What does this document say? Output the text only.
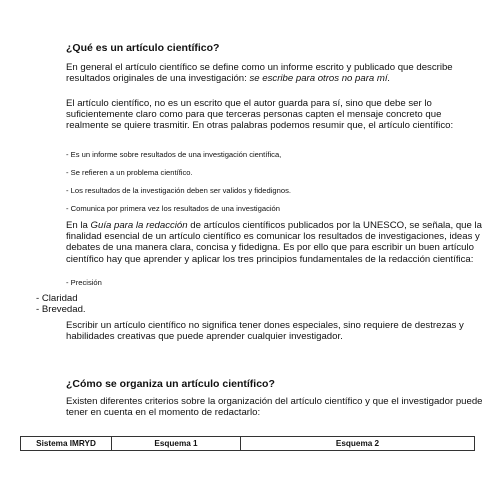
¿Qué es un artículo científico?

En general el artículo científico se define como un informe escrito y publicado que describe resultados originales de una investigación: se escribe para otros no para mí.

El artículo científico, no es un escrito que el autor guarda para sí, sino que debe ser lo suficientemente claro como para que terceras personas capten el mensaje concreto que realmente se quiere trasmitir. En otras palabras podemos resumir que, el artículo científico:

- Es un informe sobre resultados de una investigación científica,
- Se refieren a un problema científico.
- Los resultados de la investigación deben ser validos y fidedignos.
- Comunica por primera vez los resultados de una investigación

En la Guía para la redacción de artículos científicos publicados por la UNESCO, se señala, que la finalidad esencial de un artículo científico es comunicar los resultados de investigaciones, ideas y debates de una manera clara, concisa y fidedigna. Es por ello que para escribir un buen artículo científico hay que aprender y aplicar los tres principios fundamentales de la redacción científica:

- Precisión
- Claridad
- Brevedad.

Escribir un artículo científico no significa tener dones especiales, sino requiere de destrezas y habilidades creativas que puede aprender cualquier investigador.

¿Cómo se organiza un artículo científico?

Existen diferentes criterios sobre la organización del artículo científico y que el investigador puede tener en cuenta en el momento de redactarlo:

Sistema IMRYD	Esquema 1	Esquema 2
